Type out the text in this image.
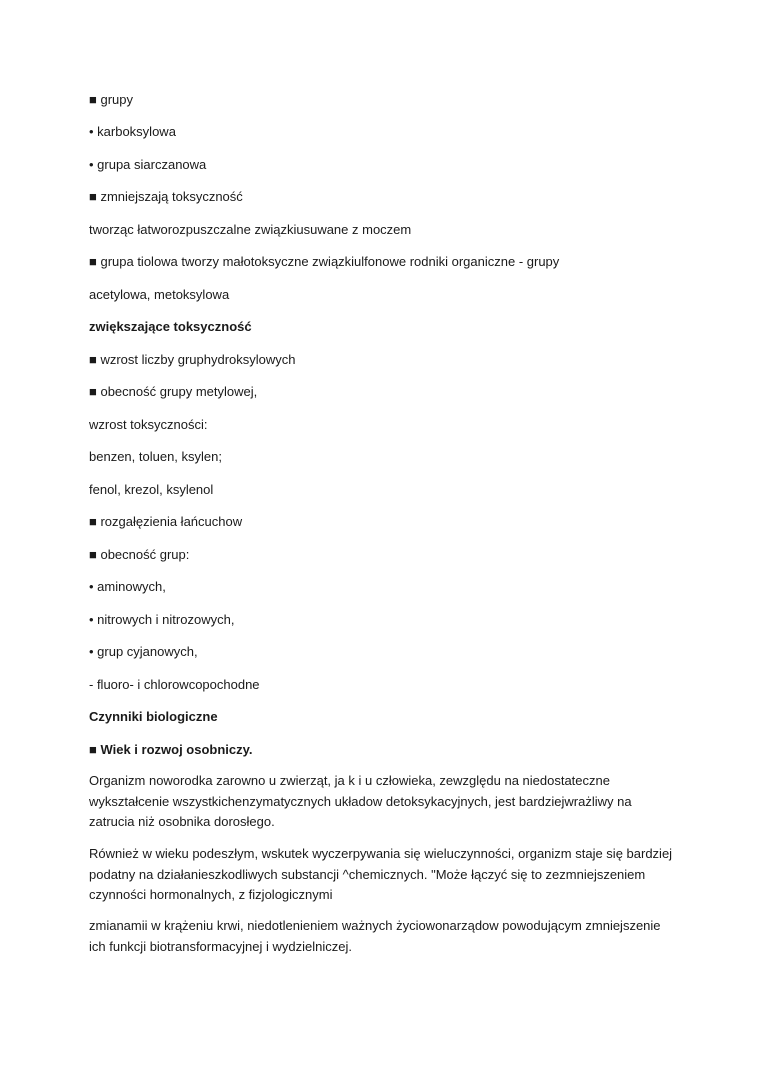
■ grupy
• karboksylowa
• grupa siarczanowa
■ zmniejszają toksyczność
tworząc łatworozpuszczalne związkiusuwane z moczem
■ grupa tiolowa tworzy małotoksyczne związkiulfonowe rodniki organiczne - grupy
acetylowa, metoksylowa
zwiększające toksyczność
■ wzrost liczby gruphydroksylowych
■ obecność grupy metylowej,
wzrost toksyczności:
benzen, toluen, ksylen;
fenol, krezol, ksylenol
■ rozgałęzienia łańcuchow
■ obecność grup:
• aminowych,
• nitrowych i nitrozowych,
• grup cyjanowych,
- fluoro- i chlorowcopochodne
Czynniki biologiczne
■ Wiek i rozwoj osobniczy.

Organizm noworodka zarowno u zwierząt, ja k i u człowieka, zewzględu na niedostateczne wykształcenie wszystkichenzymatycznych układow detoksykacyjnych, jest bardziejwrażliwy na zatrucia niż osobnika dorosłego.

Również w wieku podeszłym, wskutek wyczerpywania się wieluczynności, organizm staje się bardziej podatny na działanieszkodliwych substancji ^chemicznych. "Może łączyć się to zezmniejszeniem czynności hormonalnych, z fizjologicznymi

zmianamii w krążeniu krwi, niedotlenieniem ważnych życiowonarządow powodującym zmniejszenie ich funkcji biotransformacyjnej i wydzielniczej.
